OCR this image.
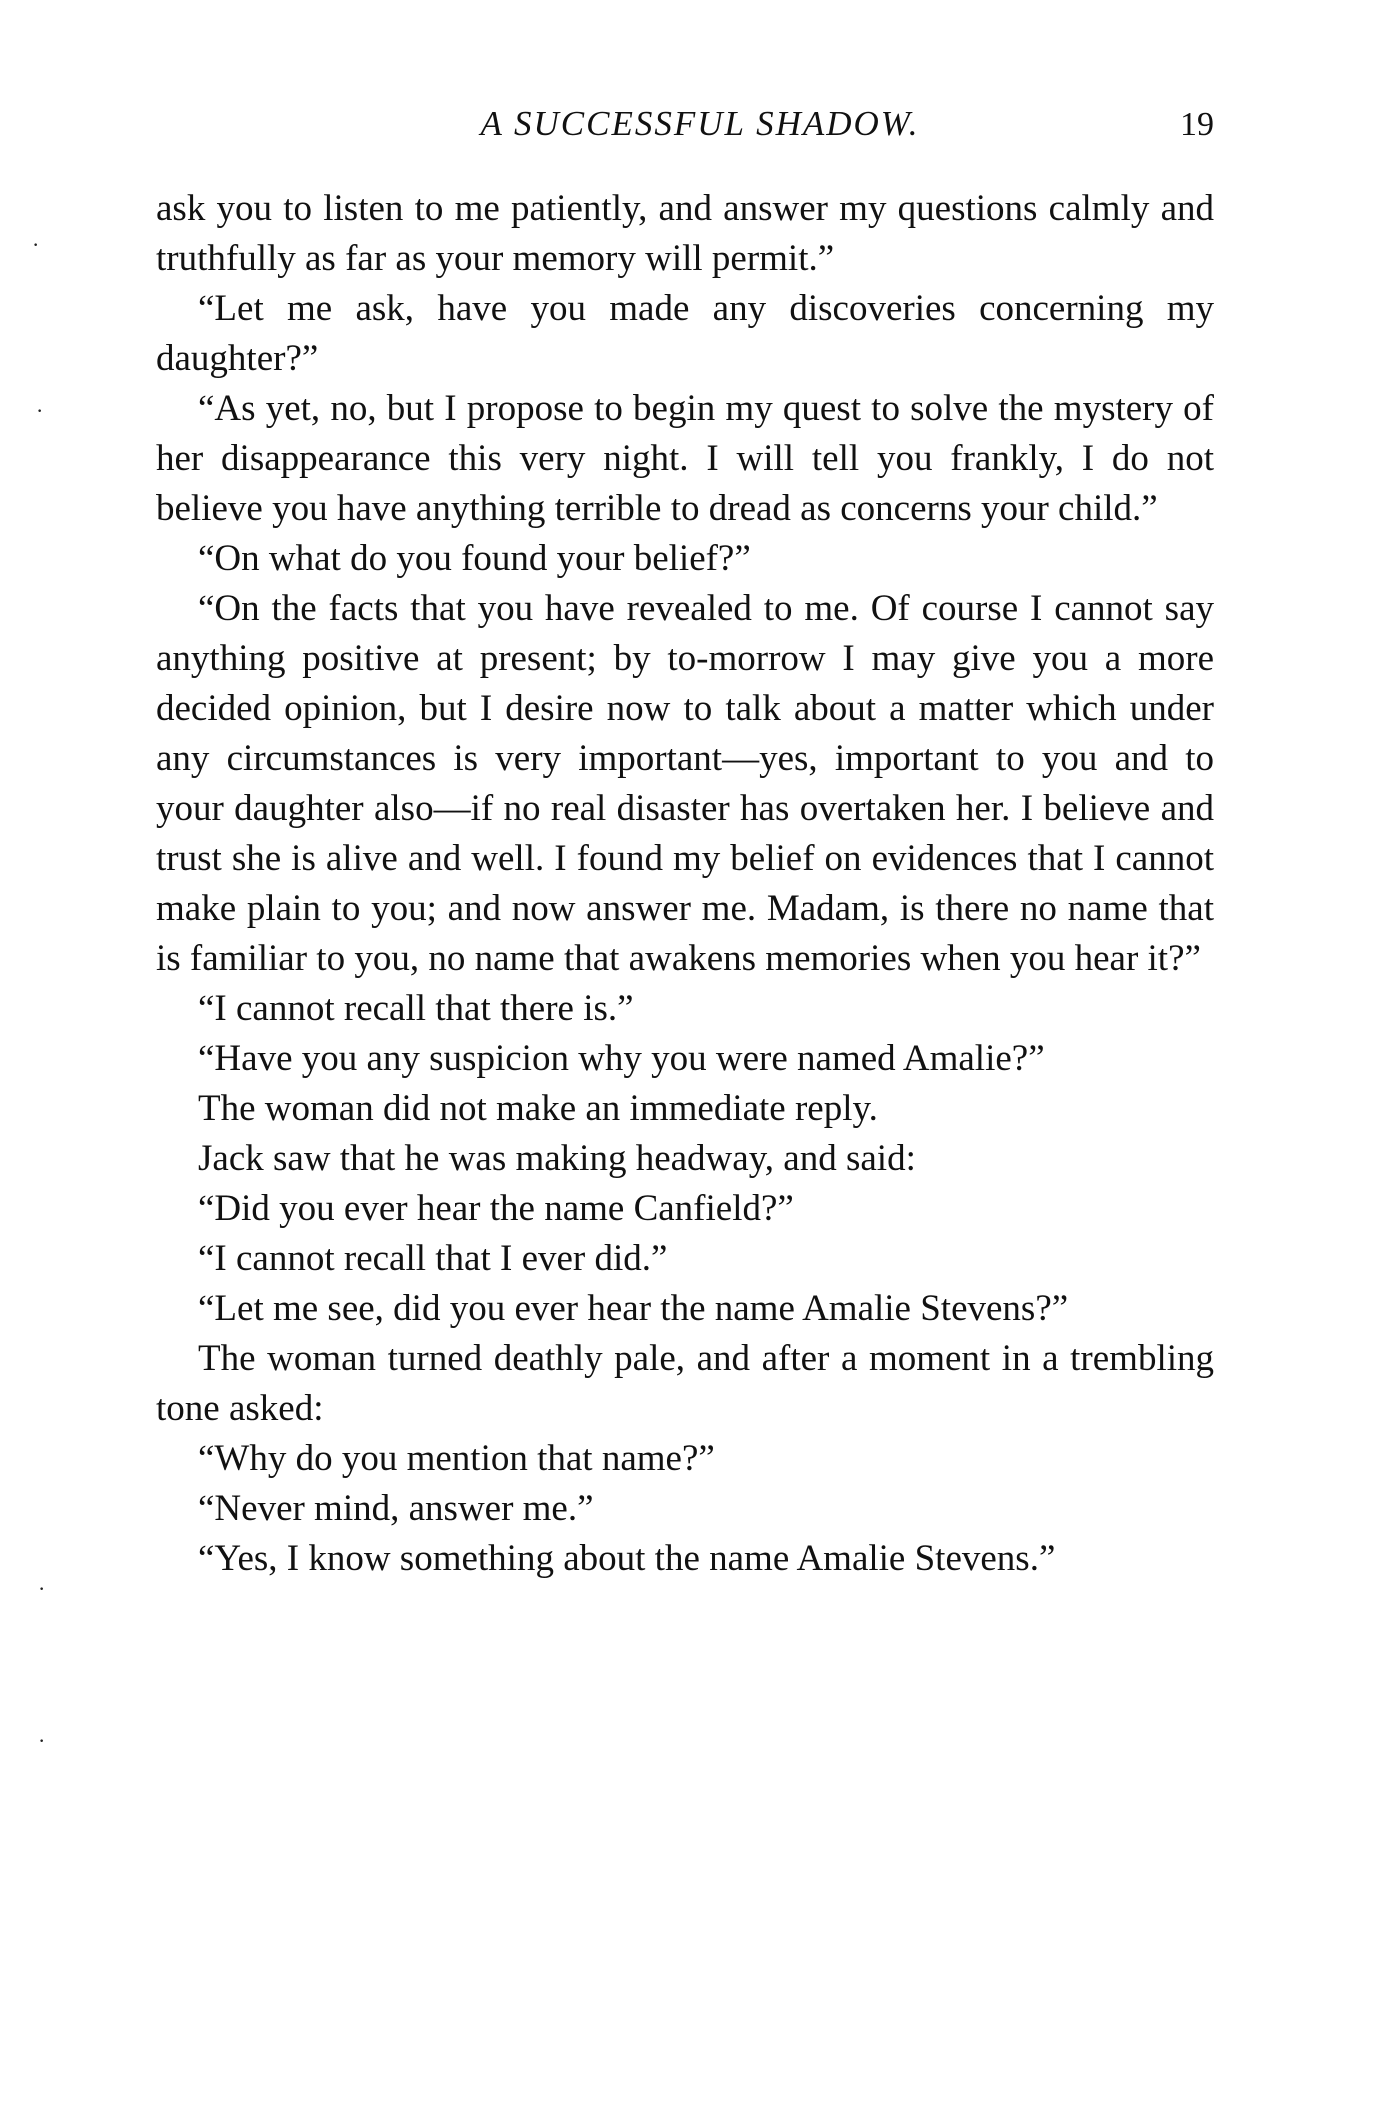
A SUCCESSFUL SHADOW.	19

ask you to listen to me patiently, and answer my questions calmly and truthfully as far as your memory will permit.”

“Let me ask, have you made any discoveries concerning my daughter?”

“As yet, no, but I propose to begin my quest to solve the mystery of her disappearance this very night. I will tell you frankly, I do not believe you have anything terrible to dread as concerns your child.”

“On what do you found your belief?”

“On the facts that you have revealed to me. Of course I cannot say anything positive at present; by to-morrow I may give you a more decided opinion, but I desire now to talk about a matter which under any circumstances is very important—yes, important to you and to your daughter also—if no real disaster has overtaken her. I believe and trust she is alive and well. I found my belief on evidences that I cannot make plain to you; and now answer me. Madam, is there no name that is familiar to you, no name that awakens memories when you hear it?”

“I cannot recall that there is.”

“Have you any suspicion why you were named Amalie?”

The woman did not make an immediate reply.

Jack saw that he was making headway, and said:

“Did you ever hear the name Canfield?”

“I cannot recall that I ever did.”

“Let me see, did you ever hear the name Amalie Stevens?”

The woman turned deathly pale, and after a moment in a trembling tone asked:

“Why do you mention that name?”

“Never mind, answer me.”

“Yes, I know something about the name Amalie Stevens.”

·
·
·
·
